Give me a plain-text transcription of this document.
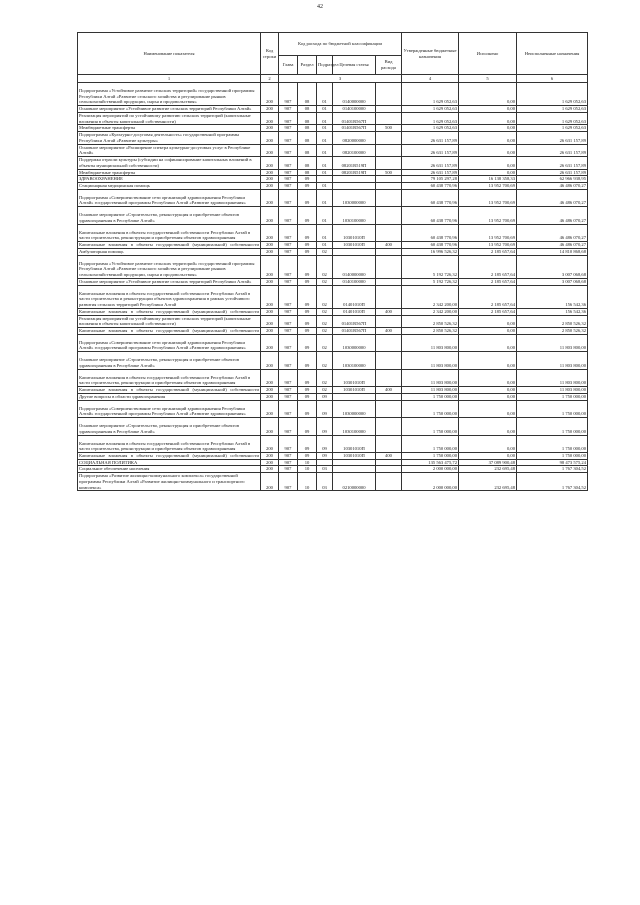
42
Наименование показателя	Код строки	Код расхода по бюджетной классификации					Утвержденные бюджетные назначения	Исполнено	Неисполненные назначения
		Глава	Раздел	Подраздел	Целевая статья	Вид расхода			
1	2	3					4	5	6

Подпрограмма «Устойчивое развитие сельских территорий» государственной программы Республики Алтай «Развитие сельского хозяйства и регулирование рынков сельскохозяйственной продукции, сырья и продовольствия»	200	907	08	01	0140000000		1 629 052,63	0,00	1 629 052,63
Основное мероприятие «Устойчивое развитие сельских территорий Республики Алтай»	200	907	08	01	0140100000		1 629 052,63	0,00	1 629 052,63
Реализация мероприятий по устойчивому развитию сельских территорий (капитальные вложения в объекты капитальной собственности)	200	907	08	01	01401R567П		1 629 052,63	0,00	1 629 052,63
Межбюджетные трансферты	200	907	08	01	01401R567П	500	1 629 052,63	0,00	1 629 052,63
Подпрограмма «Культурно-досуговая деятельность» государственной программы Республики Алтай «Развитие культуры»	200	907	08	01	0820000000		26 631 157,89	0,00	26 631 157,89
Основное мероприятие «Расширение спектра культурно-досуговых услуг в Республике Алтай»	200	907	08	01	0820100000		26 631 157,89	0,00	26 631 157,89
Поддержка отрасли культуры (субсидии на софинансирование капитальных вложений в объекты муниципальной собственности)	200	907	08	01	08201R519П		26 631 157,89	0,00	26 631 157,89
Межбюджетные трансферты	200	907	08	01	08201R519П	500	26 631 157,89	0,00	26 631 157,89
ЗДРАВООХРАНЕНИЕ	200	907	09				79 105 297,28	16 138 358,33	62 966 938,95
Стационарная медицинская помощь	200	907	09	01			60 438 770,96	13 952 700,69	46 486 070,27

Подпрограмма «Совершенствование сети организаций здравоохранения Республики Алтай» государственной программы Республики Алтай «Развитие здравоохранения»	200	907	09	01	1030000000		60 438 770,96	13 952 700,69	46 486 070,27

Основное мероприятие «Строительство, реконструкция и приобретение объектов здравоохранения в Республике Алтай»	200	907	09	01	1030100000		60 438 770,96	13 952 700,69	46 486 070,27

Капитальные вложения в объекты государственной собственности Республики Алтай в части строительства, реконструкции и приобретения объектов здравоохранения	200	907	09	01	10301010П		60 438 770,96	13 952 700,69	46 486 070,27
Капитальные вложения в объекты государственной (муниципальной) собственности	200	907	09	01	10301010П	400	60 438 770,96	13 952 700,69	46 486 070,27
Амбулаторная помощь	200	907	09	02			16 996 526,32	2 185 657,64	14 810 868,68

Подпрограмма «Устойчивое развитие сельских территорий» государственной программы Республики Алтай «Развитие сельского хозяйства и регулирование рынков сельскохозяйственной продукции, сырья и продовольствия»	200	907	09	02	0140000000		5 192 726,32	2 185 657,64	3 007 068,68
Основное мероприятие «Устойчивое развитие сельских территорий Республики Алтай»	200	907	09	02	0140100000		5 192 726,32	2 185 657,64	3 007 068,68

Капитальные вложения в объекты государственной собственности Республики Алтай в части строительства и реконструкции объектов здравоохранения в рамках устойчивого развития сельских территорий Республики Алтай	200	907	09	02	01401010П		2 342 200,00	2 185 657,64	156 542,36
Капитальные вложения в объекты государственной (муниципальной) собственности	200	907	09	02	01401010П	400	2 342 200,00	2 185 657,64	156 542,36
Реализация мероприятий по устойчивому развитию сельских территорий (капитальные вложения в объекты капитальной собственности)	200	907	09	02	01401R567П		2 850 526,32	0,00	2 850 526,32
Капитальные вложения в объекты государственной (муниципальной) собственности	200	907	09	02	01401R567П	400	2 850 526,32	0,00	2 850 526,32

Подпрограмма «Совершенствование сети организаций здравоохранения Республики Алтай» государственной программы Республики Алтай «Развитие здравоохранения»	200	907	09	02	1030000000		11 803 800,00	0,00	11 803 800,00

Основное мероприятие «Строительство, реконструкция и приобретение объектов здравоохранения в Республике Алтай»	200	907	09	02	1030100000		11 803 800,00	0,00	11 803 800,00

Капитальные вложения в объекты государственной собственности Республики Алтай в части строительства, реконструкции и приобретения объектов здравоохранения	200	907	09	02	10301010П		11 803 800,00	0,00	11 803 800,00
Капитальные вложения в объекты государственной (муниципальной) собственности	200	907	09	02	10301010П	400	11 803 800,00	0,00	11 803 800,00
Другие вопросы в области здравоохранения	200	907	09	09			1 750 000,00	0,00	1 750 000,00

Подпрограмма «Совершенствование сети организаций здравоохранения Республики Алтай» государственной программы Республики Алтай «Развитие здравоохранения»	200	907	09	09	1030000000		1 750 000,00	0,00	1 750 000,00

Основное мероприятие «Строительство, реконструкция и приобретение объектов здравоохранения в Республике Алтай»	200	907	09	09	1030100000		1 750 000,00	0,00	1 750 000,00

Капитальные вложения в объекты государственной собственности Республики Алтай в части строительства, реконструкции и приобретения объектов здравоохранения	200	907	09	09	10301010П		1 750 000,00	0,00	1 750 000,00
Капитальные вложения в объекты государственной (муниципальной) собственности	200	907	09	09	10301010П	400	1 750 000,00	0,00	1 750 000,00
СОЦИАЛЬНАЯ ПОЛИТИКА	200	907	10				135 563 475,72	37 089 900,48	98 473 575,24
Социальное обеспечение населения	200	907	10	03			2 000 000,00	232 695,48	1 767 304,52
Подпрограмма «Развитие жилищно-коммунального комплекса» государственной программы Республики Алтай «Развитие жилищно-коммунального и транспортного комплекса»	200	907	10	03	0210000000		2 000 000,00	232 695,48	1 767 304,52
